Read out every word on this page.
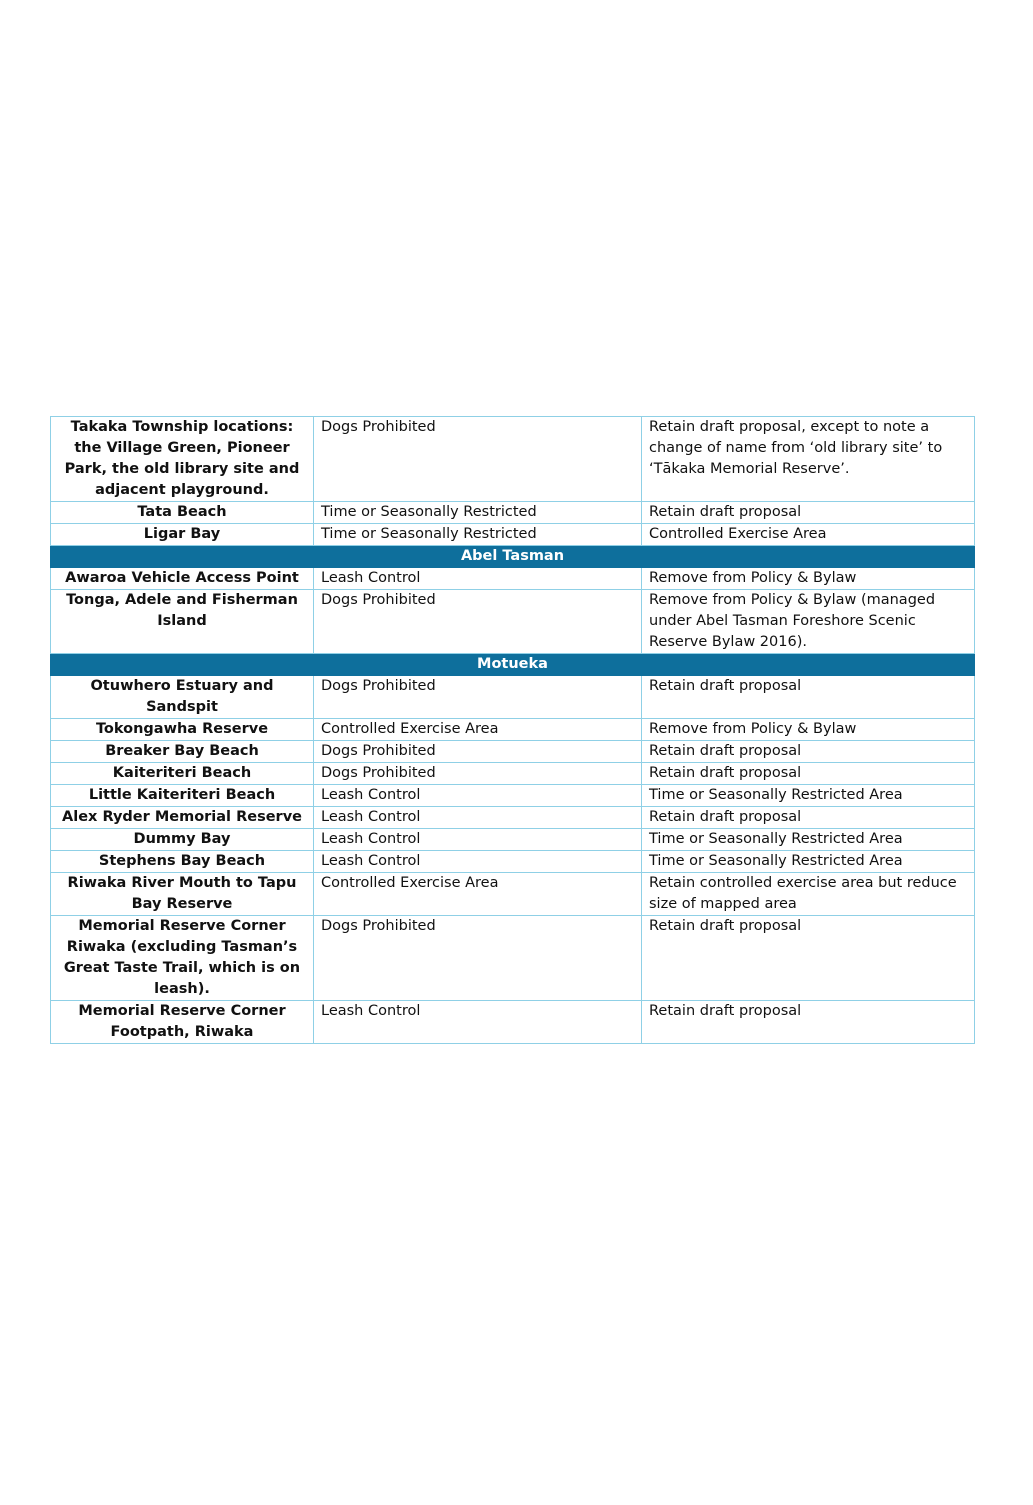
Takaka Township locations: the Village Green, Pioneer Park, the old library site and adjacent playground.	Dogs Prohibited	Retain draft proposal, except to note a change of name from ‘old library site’ to ‘Tākaka Memorial Reserve’.
Tata Beach	Time or Seasonally Restricted	Retain draft proposal
Ligar Bay	Time or Seasonally Restricted	Controlled Exercise Area
Abel Tasman		
Awaroa Vehicle Access Point	Leash Control	Remove from Policy & Bylaw
Tonga, Adele and Fisherman Island	Dogs Prohibited	Remove from Policy & Bylaw (managed under Abel Tasman Foreshore Scenic Reserve Bylaw 2016).
Motueka		
Otuwhero Estuary and Sandspit	Dogs Prohibited	Retain draft proposal
Tokongawha Reserve	Controlled Exercise Area	Remove from Policy & Bylaw
Breaker Bay Beach	Dogs Prohibited	Retain draft proposal
Kaiteriteri Beach	Dogs Prohibited	Retain draft proposal
Little Kaiteriteri Beach	Leash Control	Time or Seasonally Restricted Area
Alex Ryder Memorial Reserve	Leash Control	Retain draft proposal
Dummy Bay	Leash Control	Time or Seasonally Restricted Area
Stephens Bay Beach	Leash Control	Time or Seasonally Restricted Area
Riwaka River Mouth to Tapu Bay Reserve	Controlled Exercise Area	Retain controlled exercise area but reduce size of mapped area
Memorial Reserve Corner Riwaka (excluding Tasman’s Great Taste Trail, which is on leash).	Dogs Prohibited	Retain draft proposal
Memorial Reserve Corner Footpath, Riwaka	Leash Control	Retain draft proposal
